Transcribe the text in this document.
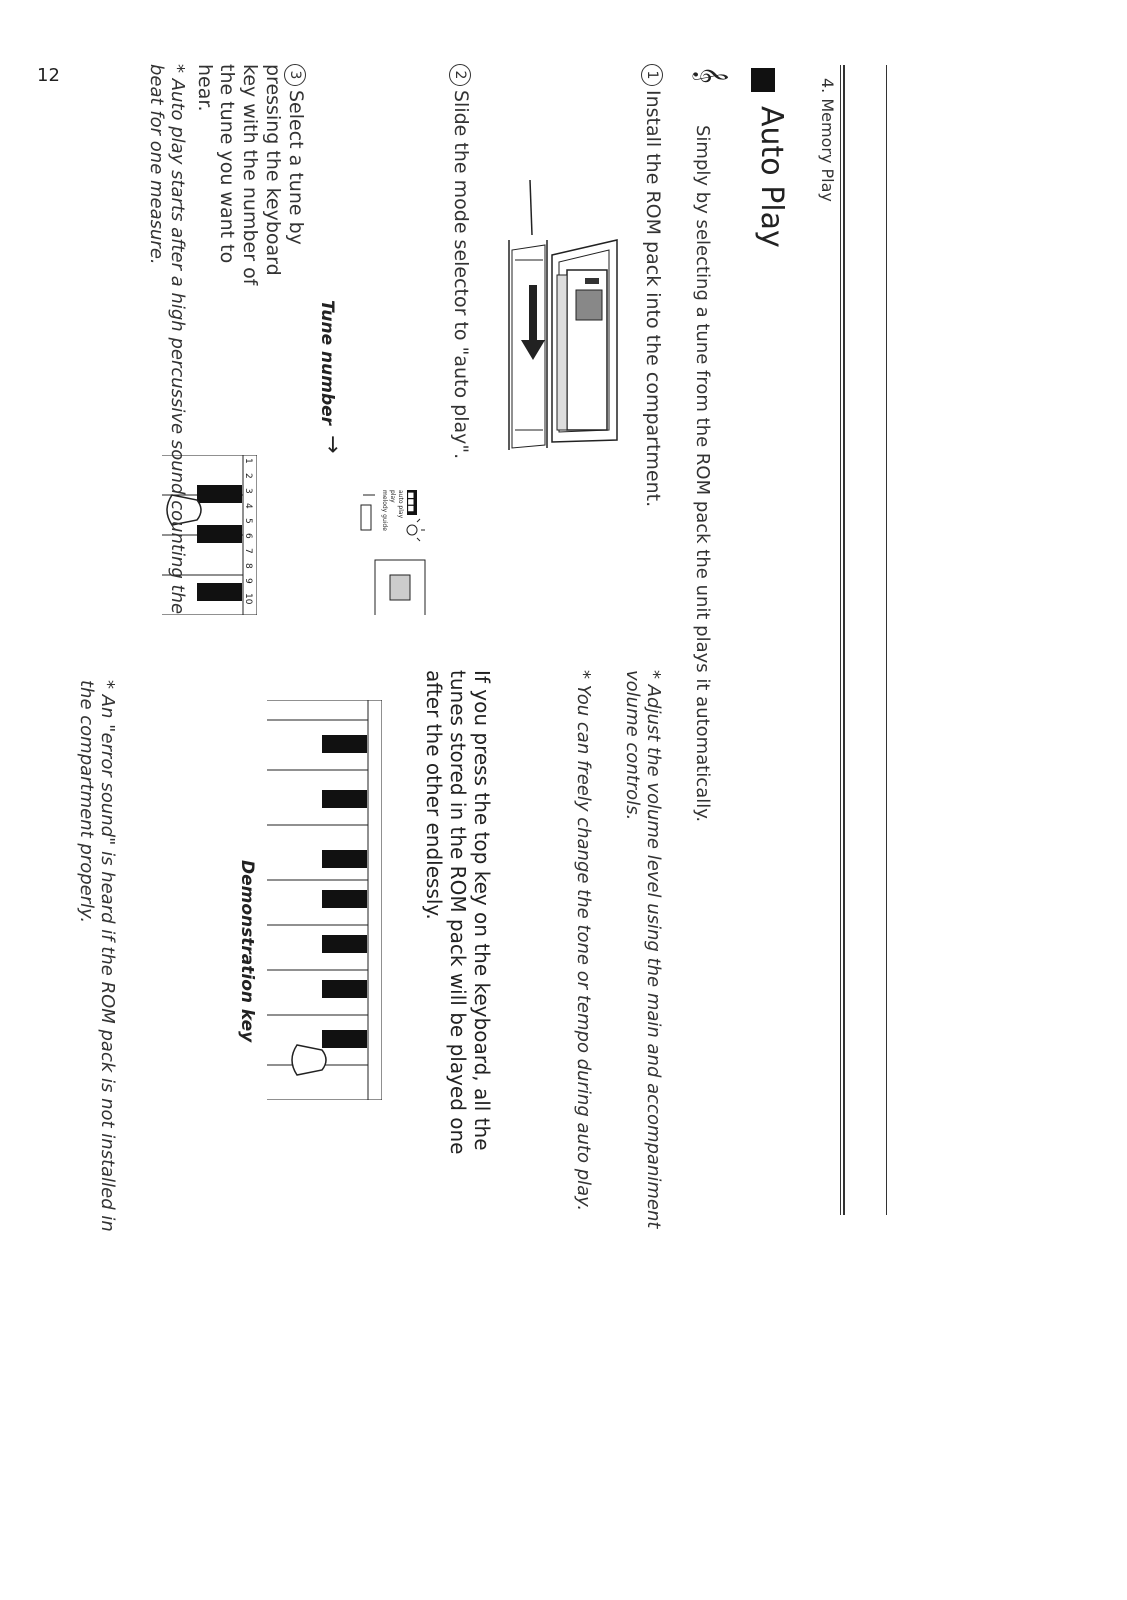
4. Memory Play
Auto Play
𝄞
Simply by selecting a tune from the ROM pack the unit plays it automatically.
1Install the ROM pack into the compartment.
2Slide the mode selector to "auto play".
■■■
auto play
play
melody guide
Tune number
→
3Select a tune by pressing the keyboard key with the number of the tune you want to hear.
1
2
3
4
5
6
7
8
9
10
* Auto play starts after a high percussive sound counting the beat for one measure.
12
* Adjust the volume level using the main and accompaniment volume controls.
* You can freely change the tone or tempo during auto play.
If you press the top key on the keyboard, all the tunes stored in the ROM pack will be played one after the other endlessly.
Demonstration key
* An "error sound" is heard if the ROM pack is not installed in the compartment properly.
